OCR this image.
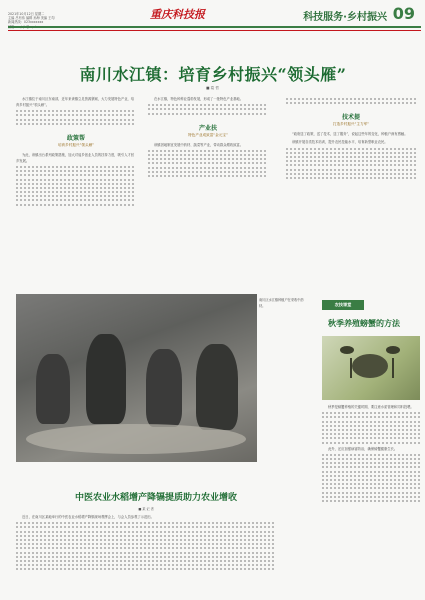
2021年10月12日 星期二
主编 吕有伟 编辑 孙海 美编 王均
新闻热线：023xxxxxxx
重庆科技报	科技服务·乡村振兴 09
南川水江镇：培育乡村振兴“领头雁”
■ 葛 哲

水江镇位于南川区东南部，近年来该镇立足资源禀赋，大力发展特色产业，培育乡村振兴“领头雁”。

政策帮
培育乡村振兴“领头雁”

为此，该镇出台系列政策措施，加大对返乡创业人员的扶持力度，吸引人才回乡发展。

在水江镇，特色种养业蓬勃发展，形成了一批特色产业基地。

产业扶
特色产业成致富“金元宝”

该镇因地制宜发展中药材、蔬菜等产业，带动群众增收致富。

技术提
打造乡村振兴“主力军”

“政府送了政策，送了技术，送了服务”，说起这些年的变化，种植户深有感触。

该镇开展各类技术培训，提升农民技能水平，培育新型职业农民。

南川区水江镇种植户在采收中药材。
中医农业水稻增产降镉提质助力农业增收
■ 某 记 者

近日，在南川区某地举行的中医农业水稻增产降镉现场观摩会上，与会人员参观了示范田。

农技课堂
秋季养殖螃蟹的方法

秋季是螃蟹养殖的关键时期，要注意水质管理和饲料投喂。

此外，还应加强病害防治，确保螃蟹健康生长。
